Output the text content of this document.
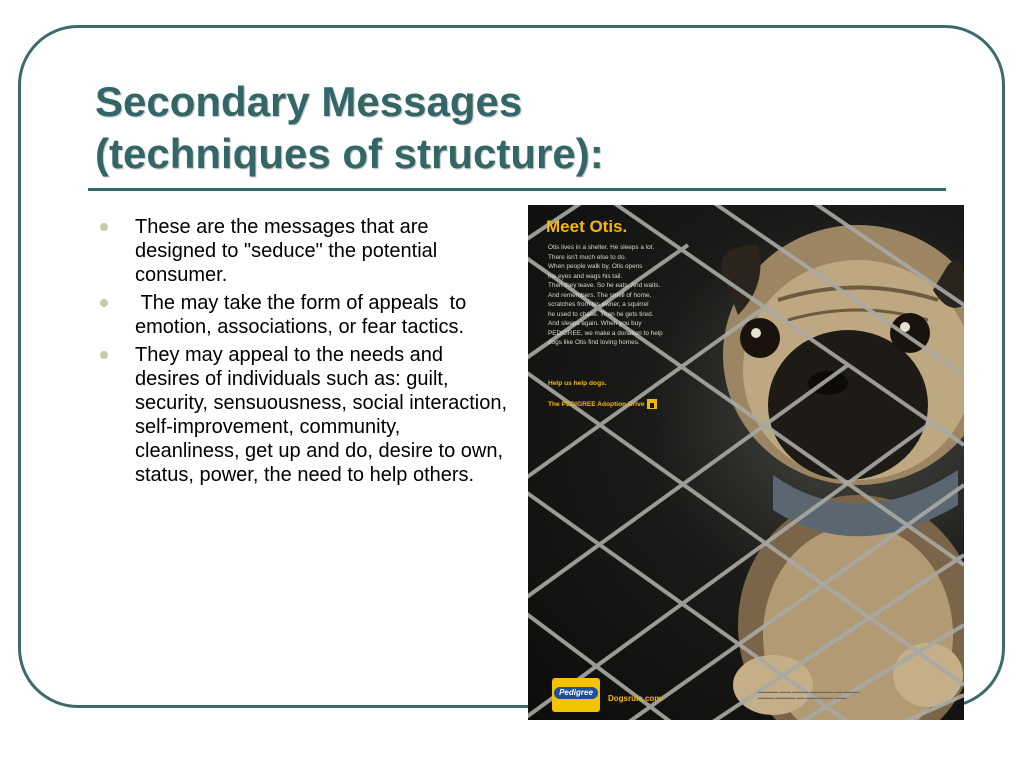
Secondary Messages
(techniques of structure):
These are the messages that are designed to "seduce" the potential consumer.
The may take the form of appeals  to emotion, associations, or fear tactics.
They may appeal to the needs and desires of individuals such as: guilt, security, sensuousness, social interaction, self-improvement, community, cleanliness, get up and do, desire to own, status, power, the need to help others.
Meet Otis.

Otis lives in a shelter. He sleeps a lot.

There isn't much else to do.

When people walk by, Otis opens

his eyes and wags his tail.

Then they leave. So he eats. And waits.

And remembers. The smell of home,

scratches from his owner, a squirrel

he used to chase. Then he gets tired.

And sleeps again. When you buy

PEDIGREE, we make a donation to help

dogs like Otis find loving homes.

Help us help dogs.
The PEDIGREE Adoption Drive
Pedigree
Dogsrule.com
▬▬▬▬▬ ▬▬▬ ▬▬▬▬ ▬▬▬▬▬▬ ▬▬ ▬▬▬▬
▬▬▬▬ ▬▬▬▬▬ ▬▬ ▬▬▬▬▬▬▬ ▬▬▬
